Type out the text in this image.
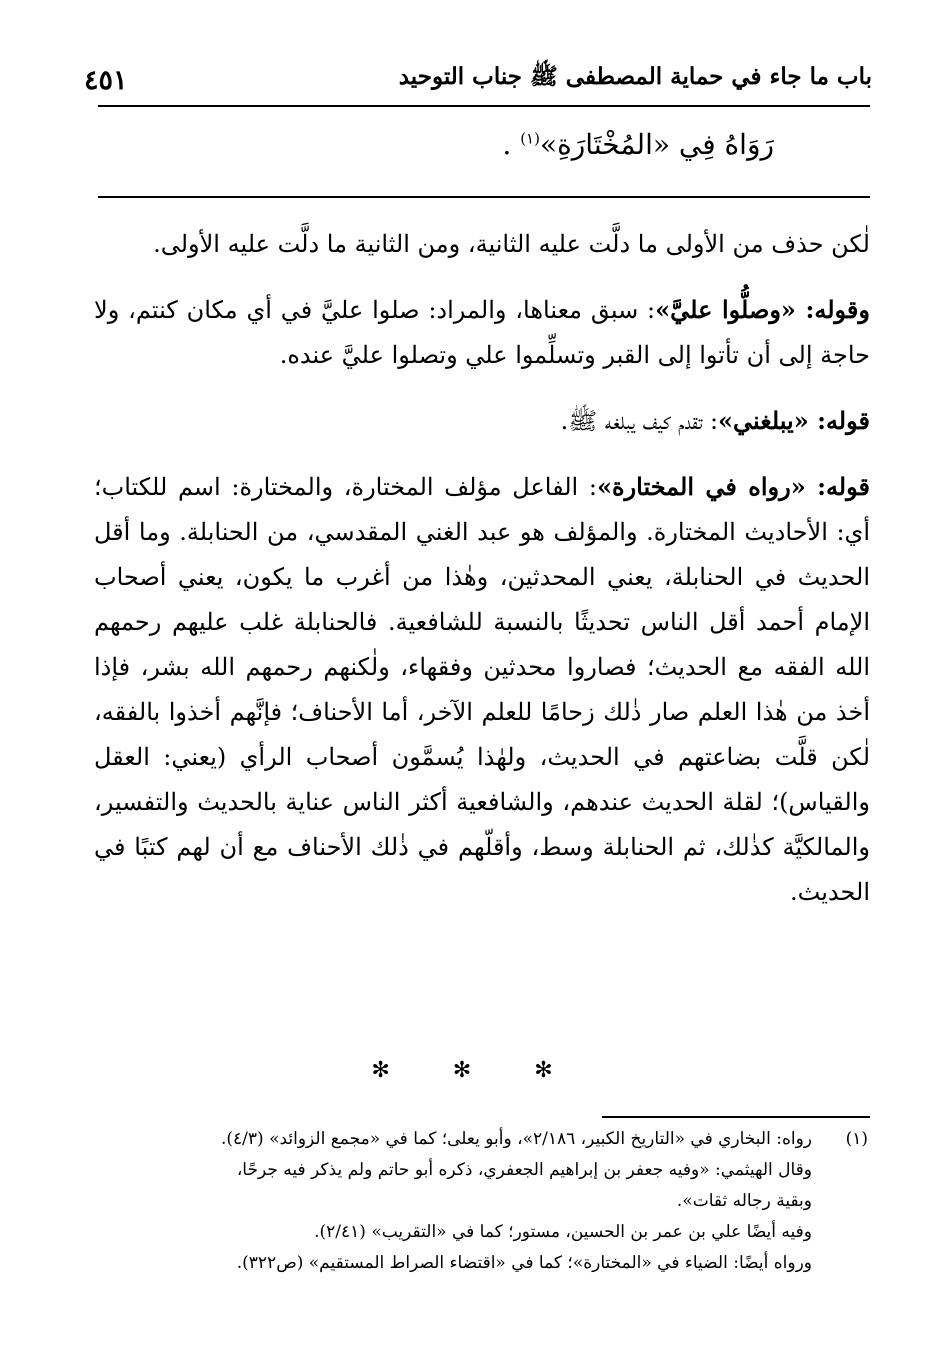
باب ما جاء في حماية المصطفى ﷺ جناب التوحيد
٤٥١
رَوَاهُ فِي «المُخْتَارَةِ»$^{(١)}$ .

لٰكن حذف من الأولى ما دلَّت عليه الثانية، ومن الثانية ما دلَّت عليه الأولى.

وقوله: «وصلُّوا عليَّ»: سبق معناها، والمراد: صلوا عليَّ في أي مكان كنتم، ولا حاجة إلى أن تأتوا إلى القبر وتسلِّموا علي وتصلوا عليَّ عنده.

قوله: «يبلغني»: تقدم كيف يبلغه ﷺ.

قوله: «رواه في المختارة»: الفاعل مؤلف المختارة، والمختارة: اسم للكتاب؛ أي: الأحاديث المختارة. والمؤلف هو عبد الغني المقدسي، من الحنابلة. وما أقل الحديث في الحنابلة، يعني المحدثين، وهٰذا من أغرب ما يكون، يعني أصحاب الإمام أحمد أقل الناس تحديثًا بالنسبة للشافعية. فالحنابلة غلب عليهم رحمهم الله الفقه مع الحديث؛ فصاروا محدثين وفقهاء، ولٰكنهم رحمهم الله بشر، فإذا أخذ من هٰذا العلم صار ذٰلك زحامًا للعلم الآخر، أما الأحناف؛ فإنَّهم أخذوا بالفقه، لٰكن قلَّت بضاعتهم في الحديث، ولهٰذا يُسمَّون أصحاب الرأي (يعني: العقل والقياس)؛ لقلة الحديث عندهم، والشافعية أكثر الناس عناية بالحديث والتفسير، والمالكيَّة كذٰلك، ثم الحنابلة وسط، وأقلّهم في ذٰلك الأحناف مع أن لهم كتبًا في الحديث.

✻ ✻ ✻
(١)
رواه: البخاري في «التاريخ الكبير، ٢/١٨٦»، وأبو يعلى؛ كما في «مجمع الزوائد» (٤/٣).
وقال الهيثمي: «وفيه جعفر بن إبراهيم الجعفري، ذكره أبو حاتم ولم يذكر فيه جرحًا،
وبقية رجاله ثقات».
وفيه أيضًا علي بن عمر بن الحسين، مستور؛ كما في «التقريب» (٢/٤١).
ورواه أيضًا: الضياء في «المختارة»؛ كما في «اقتضاء الصراط المستقيم» (ص٣٢٢).
